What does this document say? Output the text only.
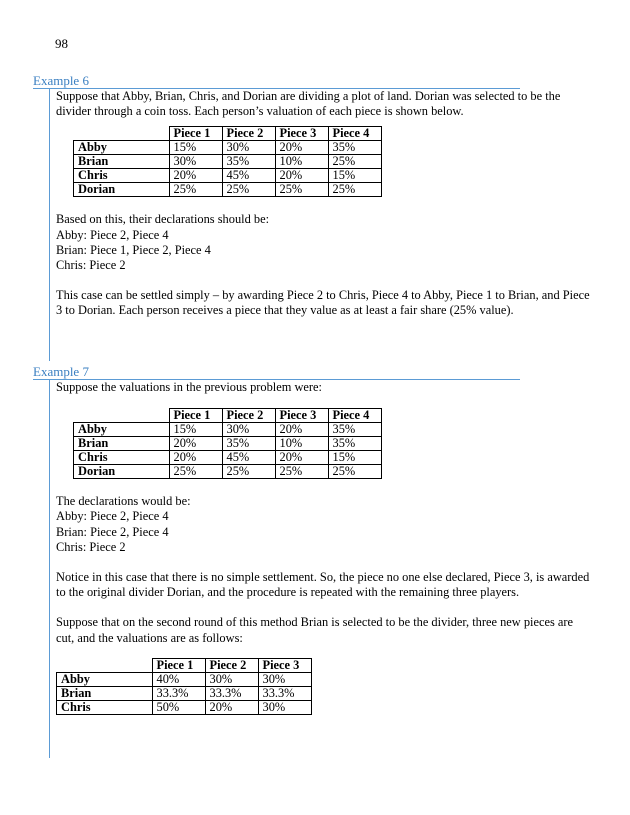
98
Example 6

Suppose that Abby, Brian, Chris, and Dorian are dividing a plot of land. Dorian was selected to be the divider through a coin toss. Each person’s valuation of each piece is shown below.

	Piece 1	Piece 2	Piece 3	Piece 4
Abby	15%	30%	20%	35%
Brian	30%	35%	10%	25%
Chris	20%	45%	20%	15%
Dorian	25%	25%	25%	25%

Based on this, their declarations should be:

Abby: Piece 2, Piece 4

Brian: Piece 1, Piece 2, Piece 4

Chris: Piece 2

This case can be settled simply – by awarding Piece 2 to Chris, Piece 4 to Abby, Piece 1 to Brian, and Piece 3 to Dorian. Each person receives a piece that they value as at least a fair share (25% value).

Example 7

Suppose the valuations in the previous problem were:

	Piece 1	Piece 2	Piece 3	Piece 4
Abby	15%	30%	20%	35%
Brian	20%	35%	10%	35%
Chris	20%	45%	20%	15%
Dorian	25%	25%	25%	25%

The declarations would be:

Abby: Piece 2, Piece 4

Brian: Piece 2, Piece 4

Chris: Piece 2

Notice in this case that there is no simple settlement. So, the piece no one else declared, Piece 3, is awarded to the original divider Dorian, and the procedure is repeated with the remaining three players.

Suppose that on the second round of this method Brian is selected to be the divider, three new pieces are cut, and the valuations are as follows:

	Piece 1	Piece 2	Piece 3
Abby	40%	30%	30%
Brian	33.3%	33.3%	33.3%
Chris	50%	20%	30%
